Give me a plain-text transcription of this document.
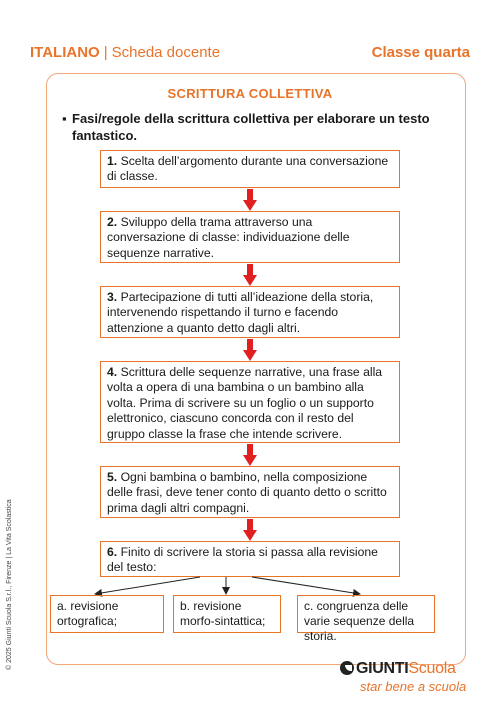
ITALIANO | Scheda docente	Classe quarta
SCRITTURA COLLETTIVA
▪ Fasi/regole della scrittura collettiva per elaborare un testo fantastico.
1. Scelta dell’argomento durante una conversazione di classe.
2. Sviluppo della trama attraverso una conversazione di classe: individuazione delle sequenze narrative.
3. Partecipazione di tutti all’ideazione della storia, intervenendo rispettando il turno e facendo attenzione a quanto detto dagli altri.
4. Scrittura delle sequenze narrative, una frase alla volta a opera di una bambina o un bambino alla volta. Prima di scrivere su un foglio o un supporto elettronico, ciascuno concorda con il resto del gruppo classe la frase che intende scrivere.
5. Ogni bambina o bambino, nella composizione delle frasi, deve tener conto di quanto detto o scritto prima dagli altri compagni.
6. Finito di scrivere la storia si passa alla revisione del testo:
a. revisione ortografica;
b. revisione morfo-sintattica;
c. congruenza delle varie sequenze della storia.
© 2025 Giunti Scuola S.r.l., Firenze | La Vita Scolastica	GIUNTIScuola
star bene a scuola
